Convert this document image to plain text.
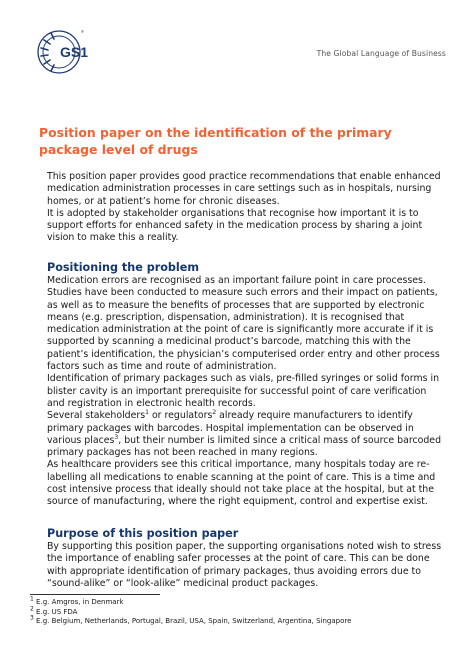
GS1
®
The Global Language of Business
Position paper on the identification of the primary package level of drugs

This position paper provides good practice recommendations that enable enhanced medication administration processes in care settings such as in hospitals, nursing homes, or at patient’s home for chronic diseases.

It is adopted by stakeholder organisations that recognise how important it is to support efforts for enhanced safety in the medication process by sharing a joint vision to make this a reality.

Positioning the problem

Medication errors are recognised as an important failure point in care processes. Studies have been conducted to measure such errors and their impact on patients, as well as to measure the benefits of processes that are supported by electronic means (e.g. prescription, dispensation, administration). It is recognised that medication administration at the point of care is significantly more accurate if it is supported by scanning a medicinal product’s barcode, matching this with the patient’s identification, the physician’s computerised order entry and other process factors such as time and route of administration.

Identification of primary packages such as vials, pre-filled syringes or solid forms in blister cavity is an important prerequisite for successful point of care verification and registration in electronic health records.

Several stakeholders$^1$ or regulators$^2$ already require manufacturers to identify primary packages with barcodes. Hospital implementation can be observed in various places$^3$, but their number is limited since a critical mass of source barcoded primary packages has not been reached in many regions.

As healthcare providers see this critical importance, many hospitals today are re-labelling all medications to enable scanning at the point of care. This is a time and cost intensive process that ideally should not take place at the hospital, but at the source of manufacturing, where the right equipment, control and expertise exist.

Purpose of this position paper

By supporting this position paper, the supporting organisations noted wish to stress the importance of enabling safer processes at the point of care. This can be done with appropriate identification of primary packages, thus avoiding errors due to “sound-alike” or “look-alike” medicinal product packages.

$^1$ E.g. Amgros, in Denmark
$^2$ E.g. US FDA
$^3$ E.g. Belgium, Netherlands, Portugal, Brazil, USA, Spain, Switzerland, Argentina, Singapore
